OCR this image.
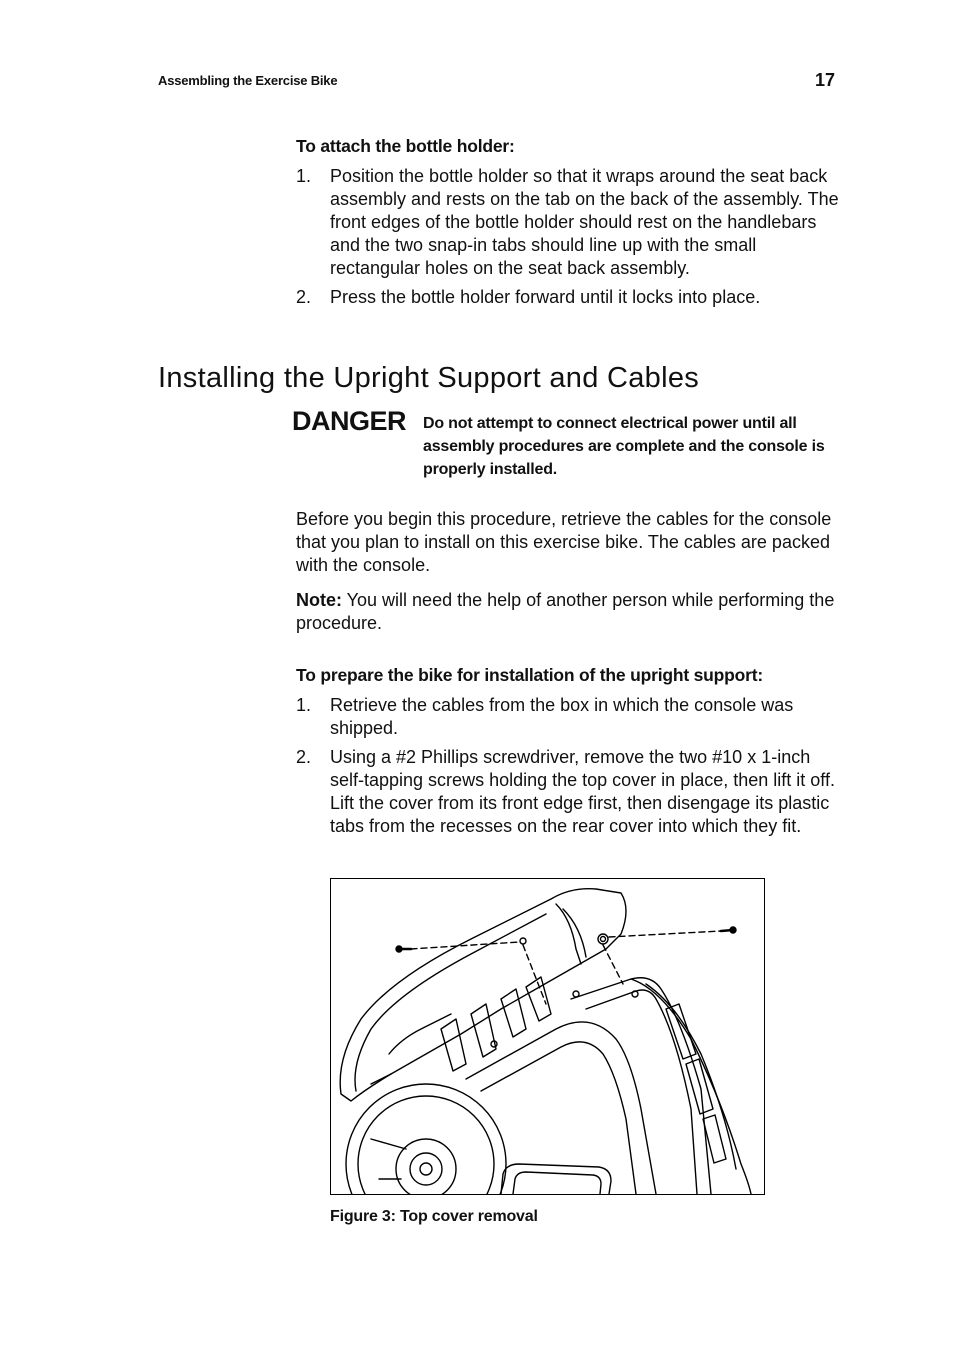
Assembling the Exercise Bike	17
To attach the bottle holder:
1. Position the bottle holder so that it wraps around the seat back assembly and rests on the tab on the back of the assembly. The front edges of the bottle holder should rest on the handlebars and the two snap-in tabs should line up with the small rectangular holes on the seat back assembly.
2. Press the bottle holder forward until it locks into place.
Installing the Upright Support and Cables
DANGER Do not attempt to connect electrical power until all assembly procedures are complete and the console is properly installed.

Before you begin this procedure, retrieve the cables for the console that you plan to install on this exercise bike. The cables are packed with the console.

Note: You will need the help of another person while performing the procedure.

To prepare the bike for installation of the upright support:
1. Retrieve the cables from the box in which the console was shipped.
2. Using a #2 Phillips screwdriver, remove the two #10 x 1-inch self-tapping screws holding the top cover in place, then lift it off. Lift the cover from its front edge first, then disengage its plastic tabs from the recesses on the rear cover into which they fit.
Figure 3: Top cover removal
